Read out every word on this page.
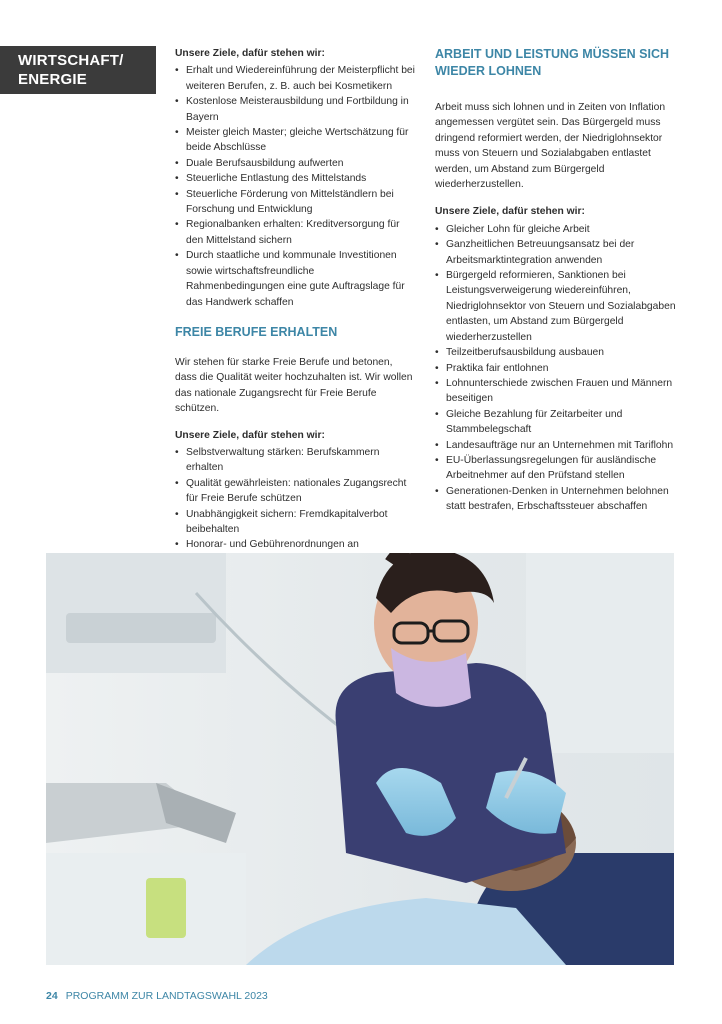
WIRTSCHAFT/
ENERGIE

Unsere Ziele, dafür stehen wir:

• Erhalt und Wiedereinführung der Meisterpflicht bei weiteren Berufen, z. B. auch bei Kosmetikern
• Kostenlose Meisterausbildung und Fortbildung in Bayern
• Meister gleich Master; gleiche Wertschätzung für beide Abschlüsse
• Duale Berufsausbildung aufwerten
• Steuerliche Entlastung des Mittelstands
• Steuerliche Förderung von Mittelständlern bei Forschung und Entwicklung
• Regionalbanken erhalten: Kreditversorgung für den Mittelstand sichern
• Durch staatliche und kommunale Investitionen sowie wirtschaftsfreundliche Rahmenbedingungen eine gute Auftragslage für das Handwerk schaffen
FREIE BERUFE ERHALTEN

Wir stehen für starke Freie Berufe und betonen, dass die Qualität weiter hochzuhalten ist. Wir wollen das nationale Zugangsrecht für Freie Berufe schützen.

Unsere Ziele, dafür stehen wir:

• Selbstverwaltung stärken: Berufskammern erhalten
• Qualität gewährleisten: nationales Zugangsrecht für Freie Berufe schützen
• Unabhängigkeit sichern: Fremdkapitalverbot beibehalten
• Honorar- und Gebührenordnungen an
ARBEIT UND LEISTUNG MÜSSEN SICH WIEDER LOHNEN

Arbeit muss sich lohnen und in Zeiten von Inflation angemessen vergütet sein. Das Bürgergeld muss dringend reformiert werden, der Niedriglohnsektor muss von Steuern und Sozialabgaben entlastet werden, um Abstand zum Bürgergeld wiederherzustellen.

Unsere Ziele, dafür stehen wir:

• Gleicher Lohn für gleiche Arbeit
• Ganzheitlichen Betreuungsansatz bei der Arbeitsmarktintegration anwenden
• Bürgergeld reformieren, Sanktionen bei Leistungsverweigerung wiedereinführen, Niedriglohnsektor von Steuern und Sozialabgaben entlasten, um Abstand zum Bürgergeld wiederherzustellen
• Teilzeitberufsausbildung ausbauen
• Praktika fair entlohnen
• Lohnunterschiede zwischen Frauen und Männern beseitigen
• Gleiche Bezahlung für Zeitarbeiter und Stammbelegschaft
• Landesaufträge nur an Unternehmen mit Tariflohn
• EU-Überlassungsregelungen für ausländische Arbeitnehmer auf den Prüfstand stellen
• Generationen-Denken in Unternehmen belohnen statt bestrafen, Erbschaftssteuer abschaffen
24 PROGRAMM ZUR LANDTAGSWAHL 2023
